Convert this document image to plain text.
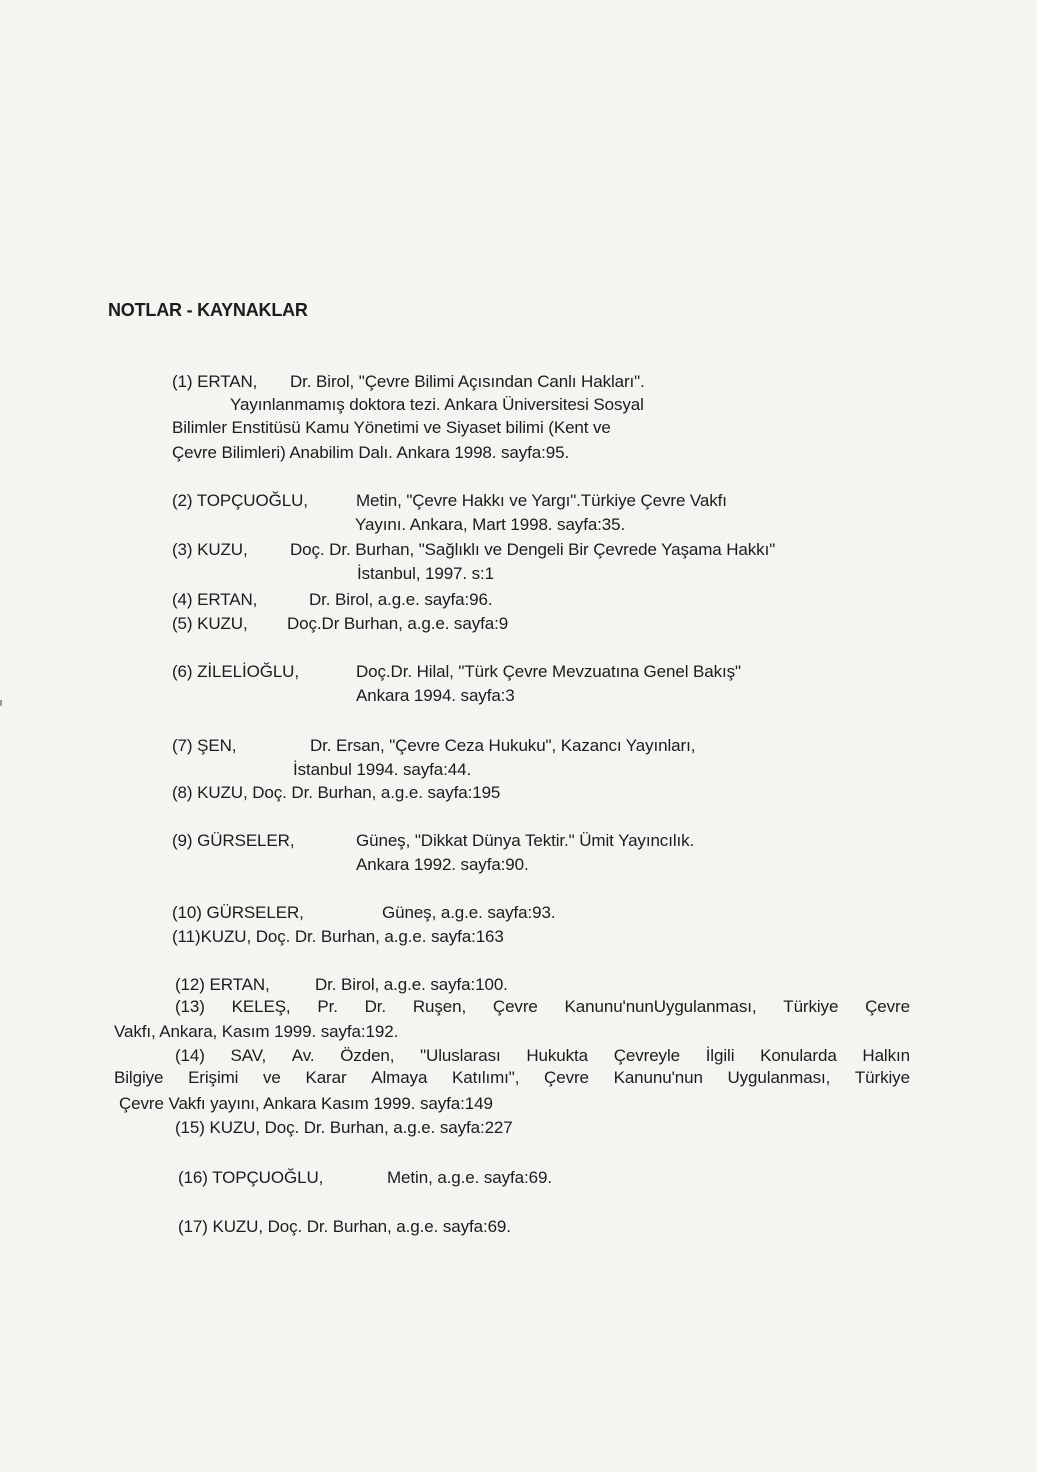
NOTLAR - KAYNAKLAR
(1) ERTAN, Dr. Birol, "Çevre Bilimi Açısından Canlı Hakları".
Yayınlanmamış doktora tezi. Ankara Üniversitesi Sosyal
Bilimler Enstitüsü Kamu Yönetimi ve Siyaset bilimi (Kent ve
Çevre Bilimleri) Anabilim Dalı. Ankara 1998. sayfa:95.
(2) TOPÇUOĞLU,	Metin, "Çevre Hakkı ve Yargı".Türkiye Çevre Vakfı
Yayını. Ankara, Mart 1998. sayfa:35.
(3) KUZU, Doç. Dr. Burhan, "Sağlıklı ve Dengeli Bir Çevrede Yaşama Hakkı"
İstanbul, 1997. s:1
(4) ERTAN,	Dr. Birol, a.g.e. sayfa:96.
(5) KUZU, Doç.Dr Burhan, a.g.e. sayfa:9
(6) ZİLELİOĞLU,	Doç.Dr. Hilal, "Türk Çevre Mevzuatına Genel Bakış"
Ankara 1994. sayfa:3
(7) ŞEN,	Dr. Ersan, "Çevre Ceza Hukuku", Kazancı Yayınları,
İstanbul 1994. sayfa:44.
(8) KUZU, Doç. Dr. Burhan, a.g.e. sayfa:195
(9) GÜRSELER,	Güneş, "Dikkat Dünya Tektir." Ümit Yayıncılık.
Ankara 1992. sayfa:90.
(10) GÜRSELER,	Güneş, a.g.e. sayfa:93.
(11)KUZU, Doç. Dr. Burhan, a.g.e. sayfa:163
(12) ERTAN,	Dr. Birol, a.g.e. sayfa:100.
(13) KELEŞ, Pr. Dr. Ruşen, Çevre Kanunu'nunUygulanması, Türkiye Çevre
Vakfı, Ankara, Kasım 1999. sayfa:192.
(14) SAV, Av. Özden, "Uluslarası Hukukta Çevreyle İlgili Konularda Halkın
Bilgiye Erişimi ve Karar Almaya Katılımı", Çevre Kanunu'nun Uygulanması, Türkiye
Çevre Vakfı yayını, Ankara Kasım 1999. sayfa:149
(15) KUZU, Doç. Dr. Burhan, a.g.e. sayfa:227
(16) TOPÇUOĞLU,	Metin, a.g.e. sayfa:69.
(17) KUZU, Doç. Dr. Burhan, a.g.e. sayfa:69.
